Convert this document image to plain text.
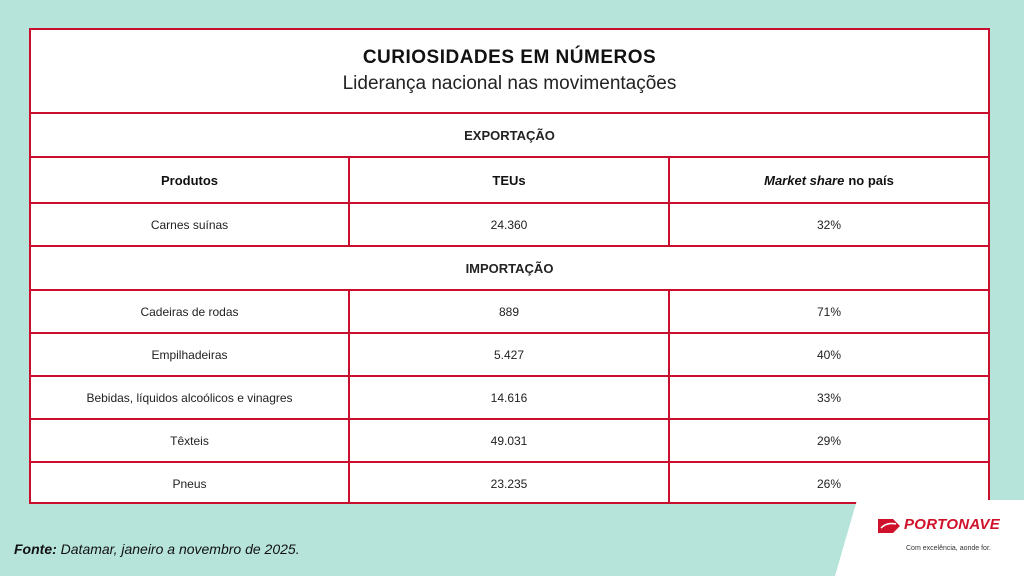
CURIOSIDADES EM NÚMEROS
Liderança nacional nas movimentações
EXPORTAÇÃO
Produtos	TEUs	Market share no país
Carnes suínas	24.360	32%
IMPORTAÇÃO
Cadeiras de rodas	889	71%
Empilhadeiras	5.427	40%
Bebidas, líquidos alcoólicos e vinagres	14.616	33%
Têxteis	49.031	29%
Pneus	23.235	26%
Fonte: Datamar, janeiro a novembro de 2025.
PORTONAVE
Com excelência, aonde for.
